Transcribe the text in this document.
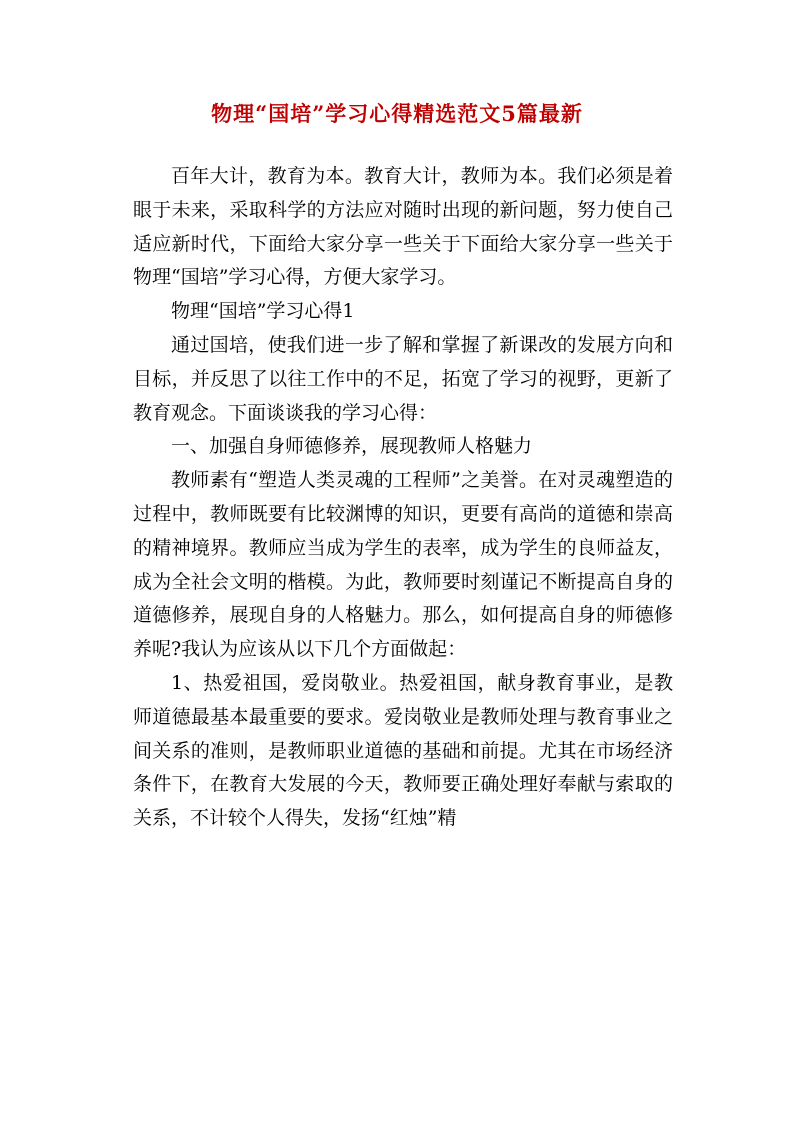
物理“国培”学习心得精选范文5篇最新

百年大计，教育为本。教育大计，教师为本。我们必须是着眼于未来，采取科学的方法应对随时出现的新问题，努力使自己适应新时代，下面给大家分享一些关于下面给大家分享一些关于物理“国培”学习心得，方便大家学习。

物理“国培”学习心得1

通过国培，使我们进一步了解和掌握了新课改的发展方向和目标，并反思了以往工作中的不足，拓宽了学习的视野，更新了教育观念。下面谈谈我的学习心得：

一、加强自身师德修养，展现教师人格魅力

教师素有“塑造人类灵魂的工程师”之美誉。在对灵魂塑造的过程中，教师既要有比较渊博的知识，更要有高尚的道德和崇高的精神境界。教师应当成为学生的表率，成为学生的良师益友，成为全社会文明的楷模。为此，教师要时刻谨记不断提高自身的道德修养，展现自身的人格魅力。那么，如何提高自身的师德修养呢?我认为应该从以下几个方面做起：

1、热爱祖国，爱岗敬业。热爱祖国，献身教育事业，是教师道德最基本最重要的要求。爱岗敬业是教师处理与教育事业之间关系的准则，是教师职业道德的基础和前提。尤其在市场经济条件下，在教育大发展的今天，教师要正确处理好奉献与索取的关系，不计较个人得失，发扬“红烛”精
